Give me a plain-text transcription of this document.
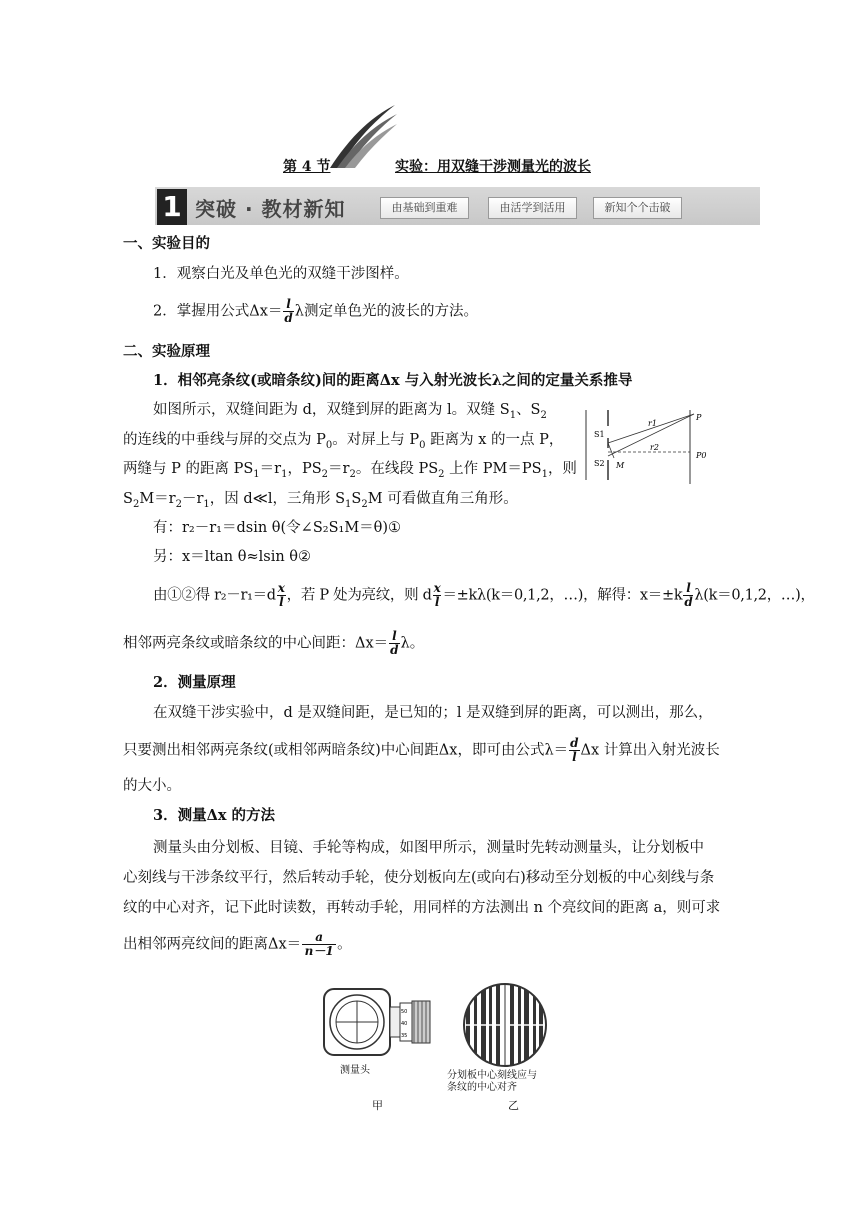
第 4 节	实验：用双缝干涉测量光的波长
1 突破 · 教材新知	由基础到重难	由活学到活用	新知个个击破
一、实验目的
1．观察白光及单色光的双缝干涉图样。
2．掌握用公式$\Delta x= \frac{l}{d}$ λ测定单色光的波长的方法。
二、实验原理
1．相邻亮条纹(或暗条纹)间的距离Δx 与入射光波长λ之间的定量关系推导
如图所示，双缝间距为 d，双缝到屏的距离为 l。双缝 $S_1$、$S_2$
的连线的中垂线与屏的交点为 $P_0$。对屏上与 $P_0$ 距离为 x 的一点 P，
两缝与 P 的距离 $PS_1=r_1$，$PS_2=r_2$。在线段 $PS_2$ 上作 $PM=PS_1$，则
$S_2M=r_2-r_1$，因 d≪l，三角形 $S_1S_2M$ 可看做直角三角形。
S1
S2
P
P0
r1
r2
M
有：r₂－r₁＝dsin θ(令∠S₂S₁M＝θ)①
另：x＝ltan θ≈lsin θ②
由①②得 $r_2-r_1=d \frac{x}{l}$ ，若 P 处为亮纹，则 d $\frac{x}{l} =\pm k\lambda(k=0,1,2$，…)，解得：$x=\pm k \frac{l}{d} \lambda(k=0,1,2$，…)，
相邻两亮条纹或暗条纹的中心间距：$\Delta x= \frac{l}{d}$ λ。
2．测量原理
在双缝干涉实验中，d 是双缝间距，是已知的；l 是双缝到屏的距离，可以测出，那么，
只要测出相邻两亮条纹(或相邻两暗条纹)中心间距Δx，即可由公式$\lambda= \frac{d}{l}$ Δx 计算出入射光波长
的大小。
3．测量Δx 的方法
测量头由分划板、目镜、手轮等构成，如图甲所示，测量时先转动测量头，让分划板中
心刻线与干涉条纹平行，然后转动手轮，使分划板向左(或向右)移动至分划板的中心刻线与条
纹的中心对齐，记下此时读数，再转动手轮，用同样的方法测出 n 个亮纹间的距离 a，则可求
出相邻两亮纹间的距离$\Delta x= \frac{a}{n-1}$ 。
50
40
35
测量头
甲
分划板中心刻线应与
条纹的中心对齐
乙
